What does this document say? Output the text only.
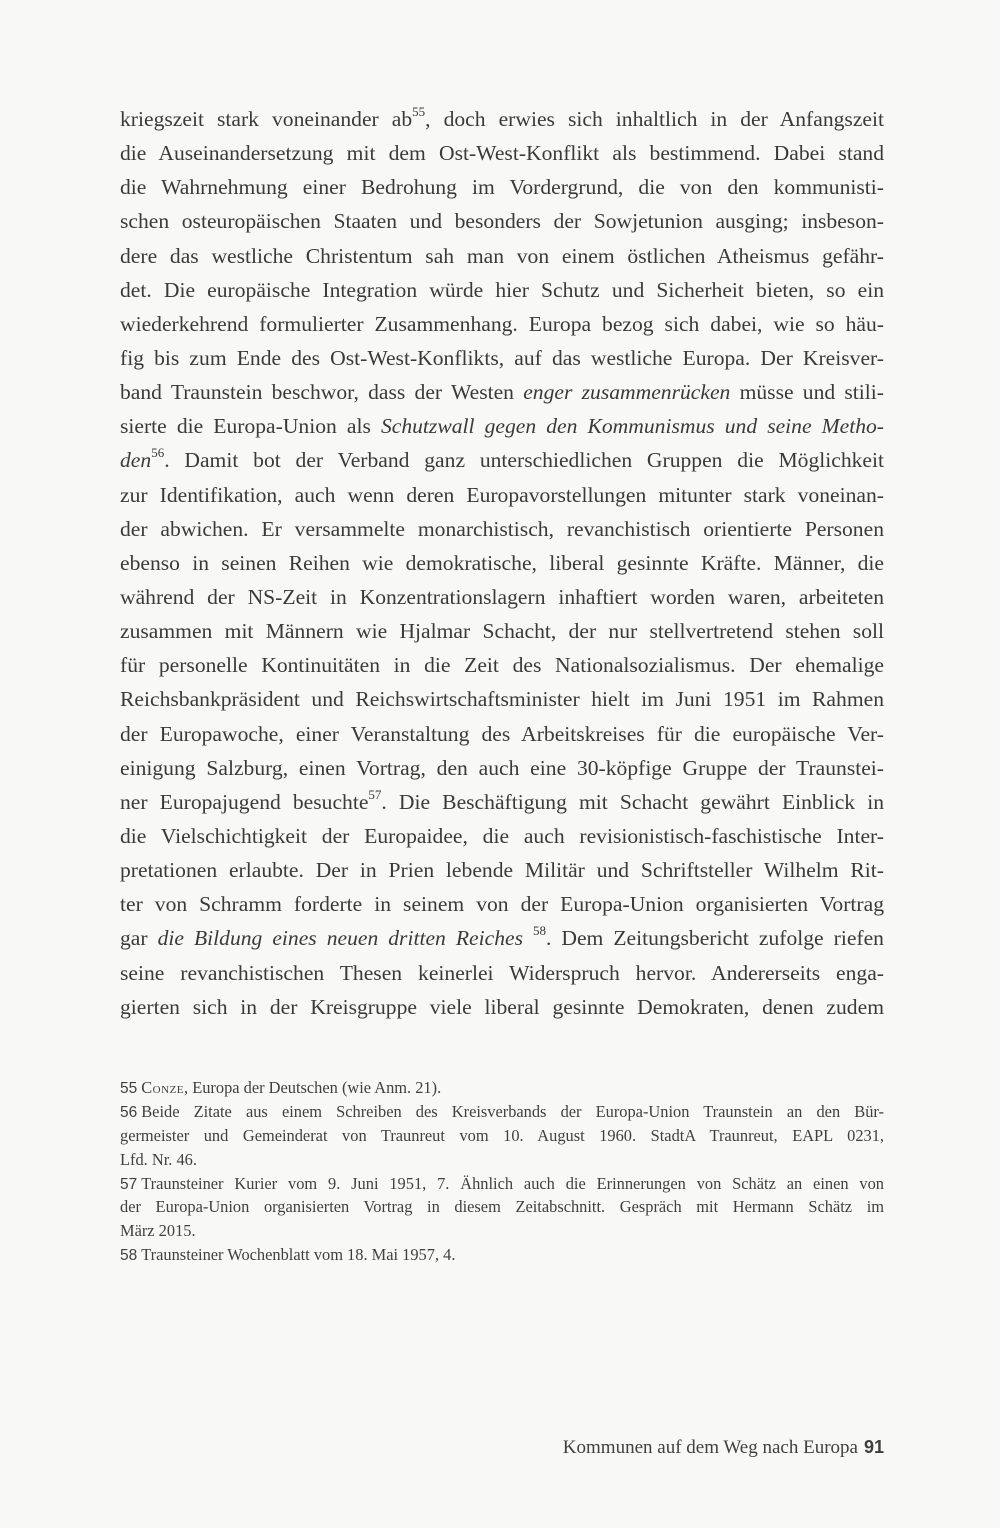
kriegszeit stark voneinander $ab^{55}$, doch erwies sich inhaltlich in der Anfangszeit
die Auseinandersetzung mit dem Ost-West-Konflikt als bestimmend. Dabei stand
die Wahrnehmung einer Bedrohung im Vordergrund, die von den kommunisti-
schen osteuropäischen Staaten und besonders der Sowjetunion ausging; insbeson-
dere das westliche Christentum sah man von einem östlichen Atheismus gefähr-
det. Die europäische Integration würde hier Schutz und Sicherheit bieten, so ein
wiederkehrend formulierter Zusammenhang. Europa bezog sich dabei, wie so häu-
fig bis zum Ende des Ost-West-Konflikts, auf das westliche Europa. Der Kreisver-
band Traunstein beschwor, dass der Westen enger zusammenrücken müsse und stili-
sierte die Europa-Union als Schutzwall gegen den Kommunismus und seine Metho-
den$^{56}$. Damit bot der Verband ganz unterschiedlichen Gruppen die Möglichkeit
zur Identifikation, auch wenn deren Europavorstellungen mitunter stark voneinan-
der abwichen. Er versammelte monarchistisch, revanchistisch orientierte Personen
ebenso in seinen Reihen wie demokratische, liberal gesinnte Kräfte. Männer, die
während der NS-Zeit in Konzentrationslagern inhaftiert worden waren, arbeiteten
zusammen mit Männern wie Hjalmar Schacht, der nur stellvertretend stehen soll
für personelle Kontinuitäten in die Zeit des Nationalsozialismus. Der ehemalige
Reichsbankpräsident und Reichswirtschaftsminister hielt im Juni 1951 im Rahmen
der Europawoche, einer Veranstaltung des Arbeitskreises für die europäische Ver-
einigung Salzburg, einen Vortrag, den auch eine 30-köpfige Gruppe der Traunstei-
ner Europajugend besuchte$^{57}$. Die Beschäftigung mit Schacht gewährt Einblick in
die Vielschichtigkeit der Europaidee, die auch revisionistisch-faschistische Inter-
pretationen erlaubte. Der in Prien lebende Militär und Schriftsteller Wilhelm Rit-
ter von Schramm forderte in seinem von der Europa-Union organisierten Vortrag
gar die Bildung eines neuen dritten Reiches $^{58}$. Dem Zeitungsbericht zufolge riefen
seine revanchistischen Thesen keinerlei Widerspruch hervor. Andererseits enga-
gierten sich in der Kreisgruppe viele liberal gesinnte Demokraten, denen zudem
55 Conze, Europa der Deutschen (wie Anm. 21).
56 Beide Zitate aus einem Schreiben des Kreisverbands der Europa-Union Traunstein an den Bür-
germeister und Gemeinderat von Traunreut vom 10. August 1960. StadtA Traunreut, EAPL 0231,
Lfd. Nr. 46.
57 Traunsteiner Kurier vom 9. Juni 1951, 7. Ähnlich auch die Erinnerungen von Schätz an einen von
der Europa-Union organisierten Vortrag in diesem Zeitabschnitt. Gespräch mit Hermann Schätz im
März 2015.
58 Traunsteiner Wochenblatt vom 18. Mai 1957, 4.
Kommunen auf dem Weg nach Europa 91
